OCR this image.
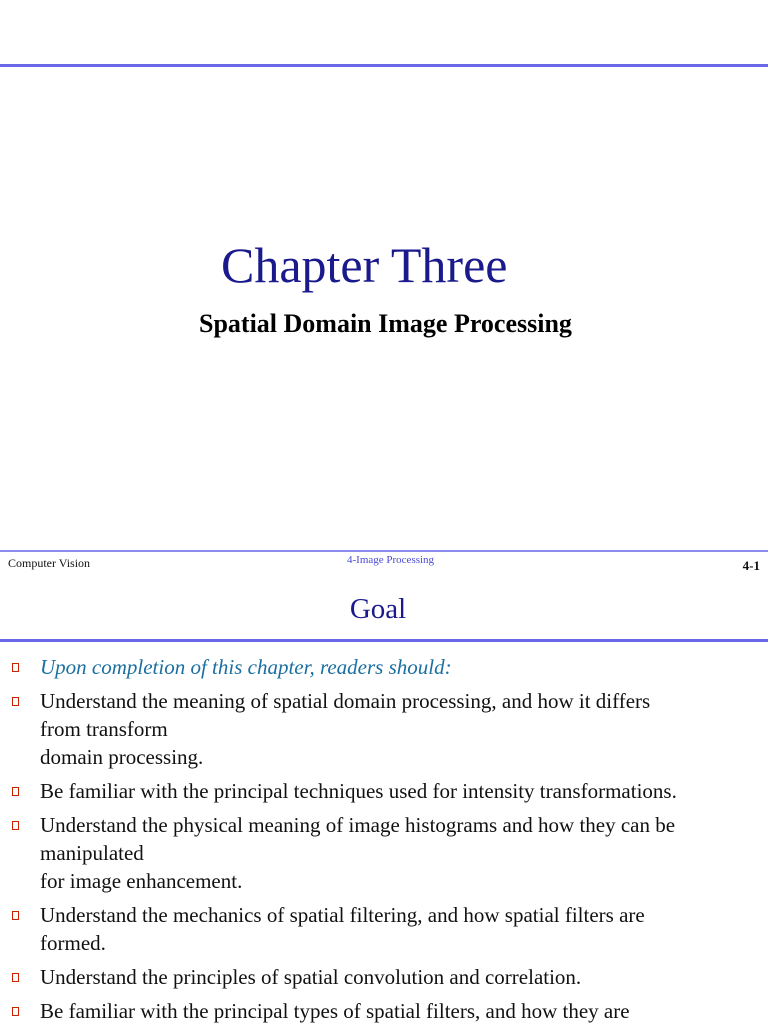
Chapter Three
Spatial Domain Image Processing
Computer Vision	4-Image Processing	4-1
Goal
Upon completion of this chapter, readers should:
Understand the meaning of spatial domain processing, and how it differs
from transform
domain processing.
Be familiar with the principal techniques used for intensity transformations.
Understand the physical meaning of image histograms and how they can be
manipulated
for image enhancement.
Understand the mechanics of spatial filtering, and how spatial filters are
formed.
Understand the principles of spatial convolution and correlation.
Be familiar with the principal types of spatial filters, and how they are
